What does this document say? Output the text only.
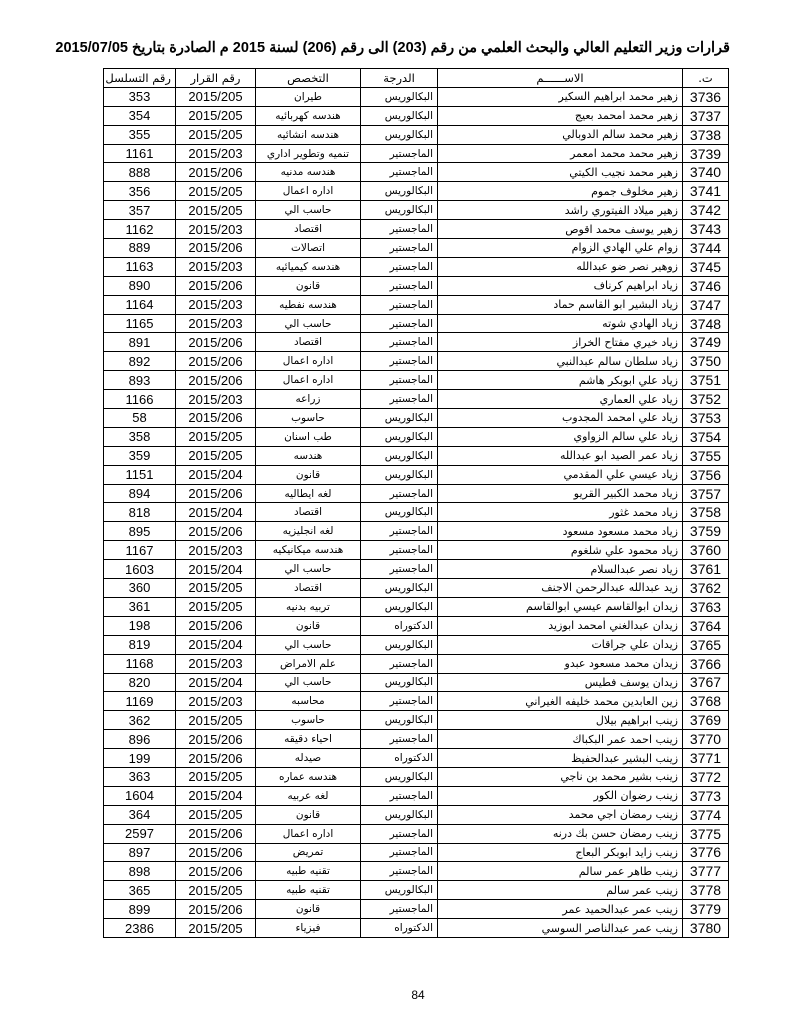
قرارات وزير التعليم العالي والبحث العلمي من رقم (203) الى رقم (206) لسنة 2015 م الصادرة بتاريخ 2015/07/05
ت.	الاســــــم	الدرجة	التخصص	رقم القرار	رقم التسلسل
3736	زهير محمد ابراهيم السكير	البكالوريس	طيران	2015/205	353
3737	زهير محمد امحمد بعيج	البكالوريس	هندسه كهربائيه	2015/205	354
3738	زهير محمد سالم الدوبالي	البكالوريس	هندسه انشائيه	2015/205	355
3739	زهير محمد محمد امعمر	الماجستير	تنميه وتطوير اداري	2015/203	1161
3740	زهير محمد نجيب الكيتي	الماجستير	هندسه مدنيه	2015/206	888
3741	زهير مخلوف جموم	البكالوريس	اداره اعمال	2015/205	356
3742	زهير ميلاد الفيتوري راشد	البكالوريس	حاسب الي	2015/205	357
3743	زهير يوسف محمد اقوص	الماجستير	اقتصاد	2015/203	1162
3744	زوام علي الهادي الزوام	الماجستير	اتصالات	2015/206	889
3745	زوهير نصر ضو عبدالله	الماجستير	هندسه كيميائيه	2015/203	1163
3746	زياد ابراهيم كرناف	الماجستير	قانون	2015/206	890
3747	زياد البشير ابو القاسم حماد	الماجستير	هندسه نفطيه	2015/203	1164
3748	زياد الهادي شوته	الماجستير	حاسب الي	2015/203	1165
3749	زياد خيري مفتاح الخراز	الماجستير	اقتصاد	2015/206	891
3750	زياد سلطان سالم عبدالنبي	الماجستير	اداره اعمال	2015/206	892
3751	زياد علي ابوبكر هاشم	الماجستير	اداره اعمال	2015/206	893
3752	زياد علي العماري	الماجستير	زراعه	2015/203	1166
3753	زياد علي امحمد المجدوب	البكالوريس	حاسوب	2015/206	58
3754	زياد علي سالم الزواوي	البكالوريس	طب اسنان	2015/205	358
3755	زياد عمر الصيد ابو عبدالله	البكالوريس	هندسه	2015/205	359
3756	زياد عيسي علي المقدمي	البكالوريس	قانون	2015/204	1151
3757	زياد محمد الكبير القريو	الماجستير	لغه ايطاليه	2015/206	894
3758	زياد محمد غثور	البكالوريس	اقتصاد	2015/204	818
3759	زياد محمد مسعود مسعود	الماجستير	لغه انجليزيه	2015/206	895
3760	زياد محمود علي شلغوم	الماجستير	هندسه ميكانيكيه	2015/203	1167
3761	زياد نصر عبدالسلام	الماجستير	حاسب الي	2015/204	1603
3762	زيد عبدالله عبدالرحمن الاجنف	البكالوريس	اقتصاد	2015/205	360
3763	زيدان ابوالقاسم عيسي ابوالقاسم	البكالوريس	تربيه بدنيه	2015/205	361
3764	زيدان عبدالغني امحمد ابوزيد	الدكتوراه	قانون	2015/206	198
3765	زيدان علي جراقات	البكالوريس	حاسب الي	2015/204	819
3766	زيدان محمد مسعود عبدو	الماجستير	علم الامراض	2015/203	1168
3767	زيدان يوسف فطيس	البكالوريس	حاسب الي	2015/204	820
3768	زين العابدين محمد خليفه الغيراني	الماجستير	محاسبه	2015/203	1169
3769	زينب ابراهيم بيلال	البكالوريس	حاسوب	2015/205	362
3770	زينب احمد عمر البكباك	الماجستير	احياء دقيقه	2015/206	896
3771	زينب البشير عبدالحفيظ	الدكتوراه	صيدله	2015/206	199
3772	زينب بشير محمد بن ناجي	البكالوريس	هندسه عماره	2015/205	363
3773	زينب رضوان الكور	الماجستير	لغه عربيه	2015/204	1604
3774	زينب رمضان اجي محمد	البكالوريس	قانون	2015/205	364
3775	زينب رمضان حسن بك درنه	الماجستير	اداره اعمال	2015/206	2597
3776	زينب زايد ابوبكر البعاج	الماجستير	تمريض	2015/206	897
3777	زينب طاهر عمر سالم	الماجستير	تقنيه طبيه	2015/206	898
3778	زينب عمر سالم	البكالوريس	تقنيه طبيه	2015/205	365
3779	زينب عمر عبدالحميد عمر	الماجستير	قانون	2015/206	899
3780	زينب عمر عبدالناصر السوسي	الدكتوراه	فيزياء	2015/205	2386
84
